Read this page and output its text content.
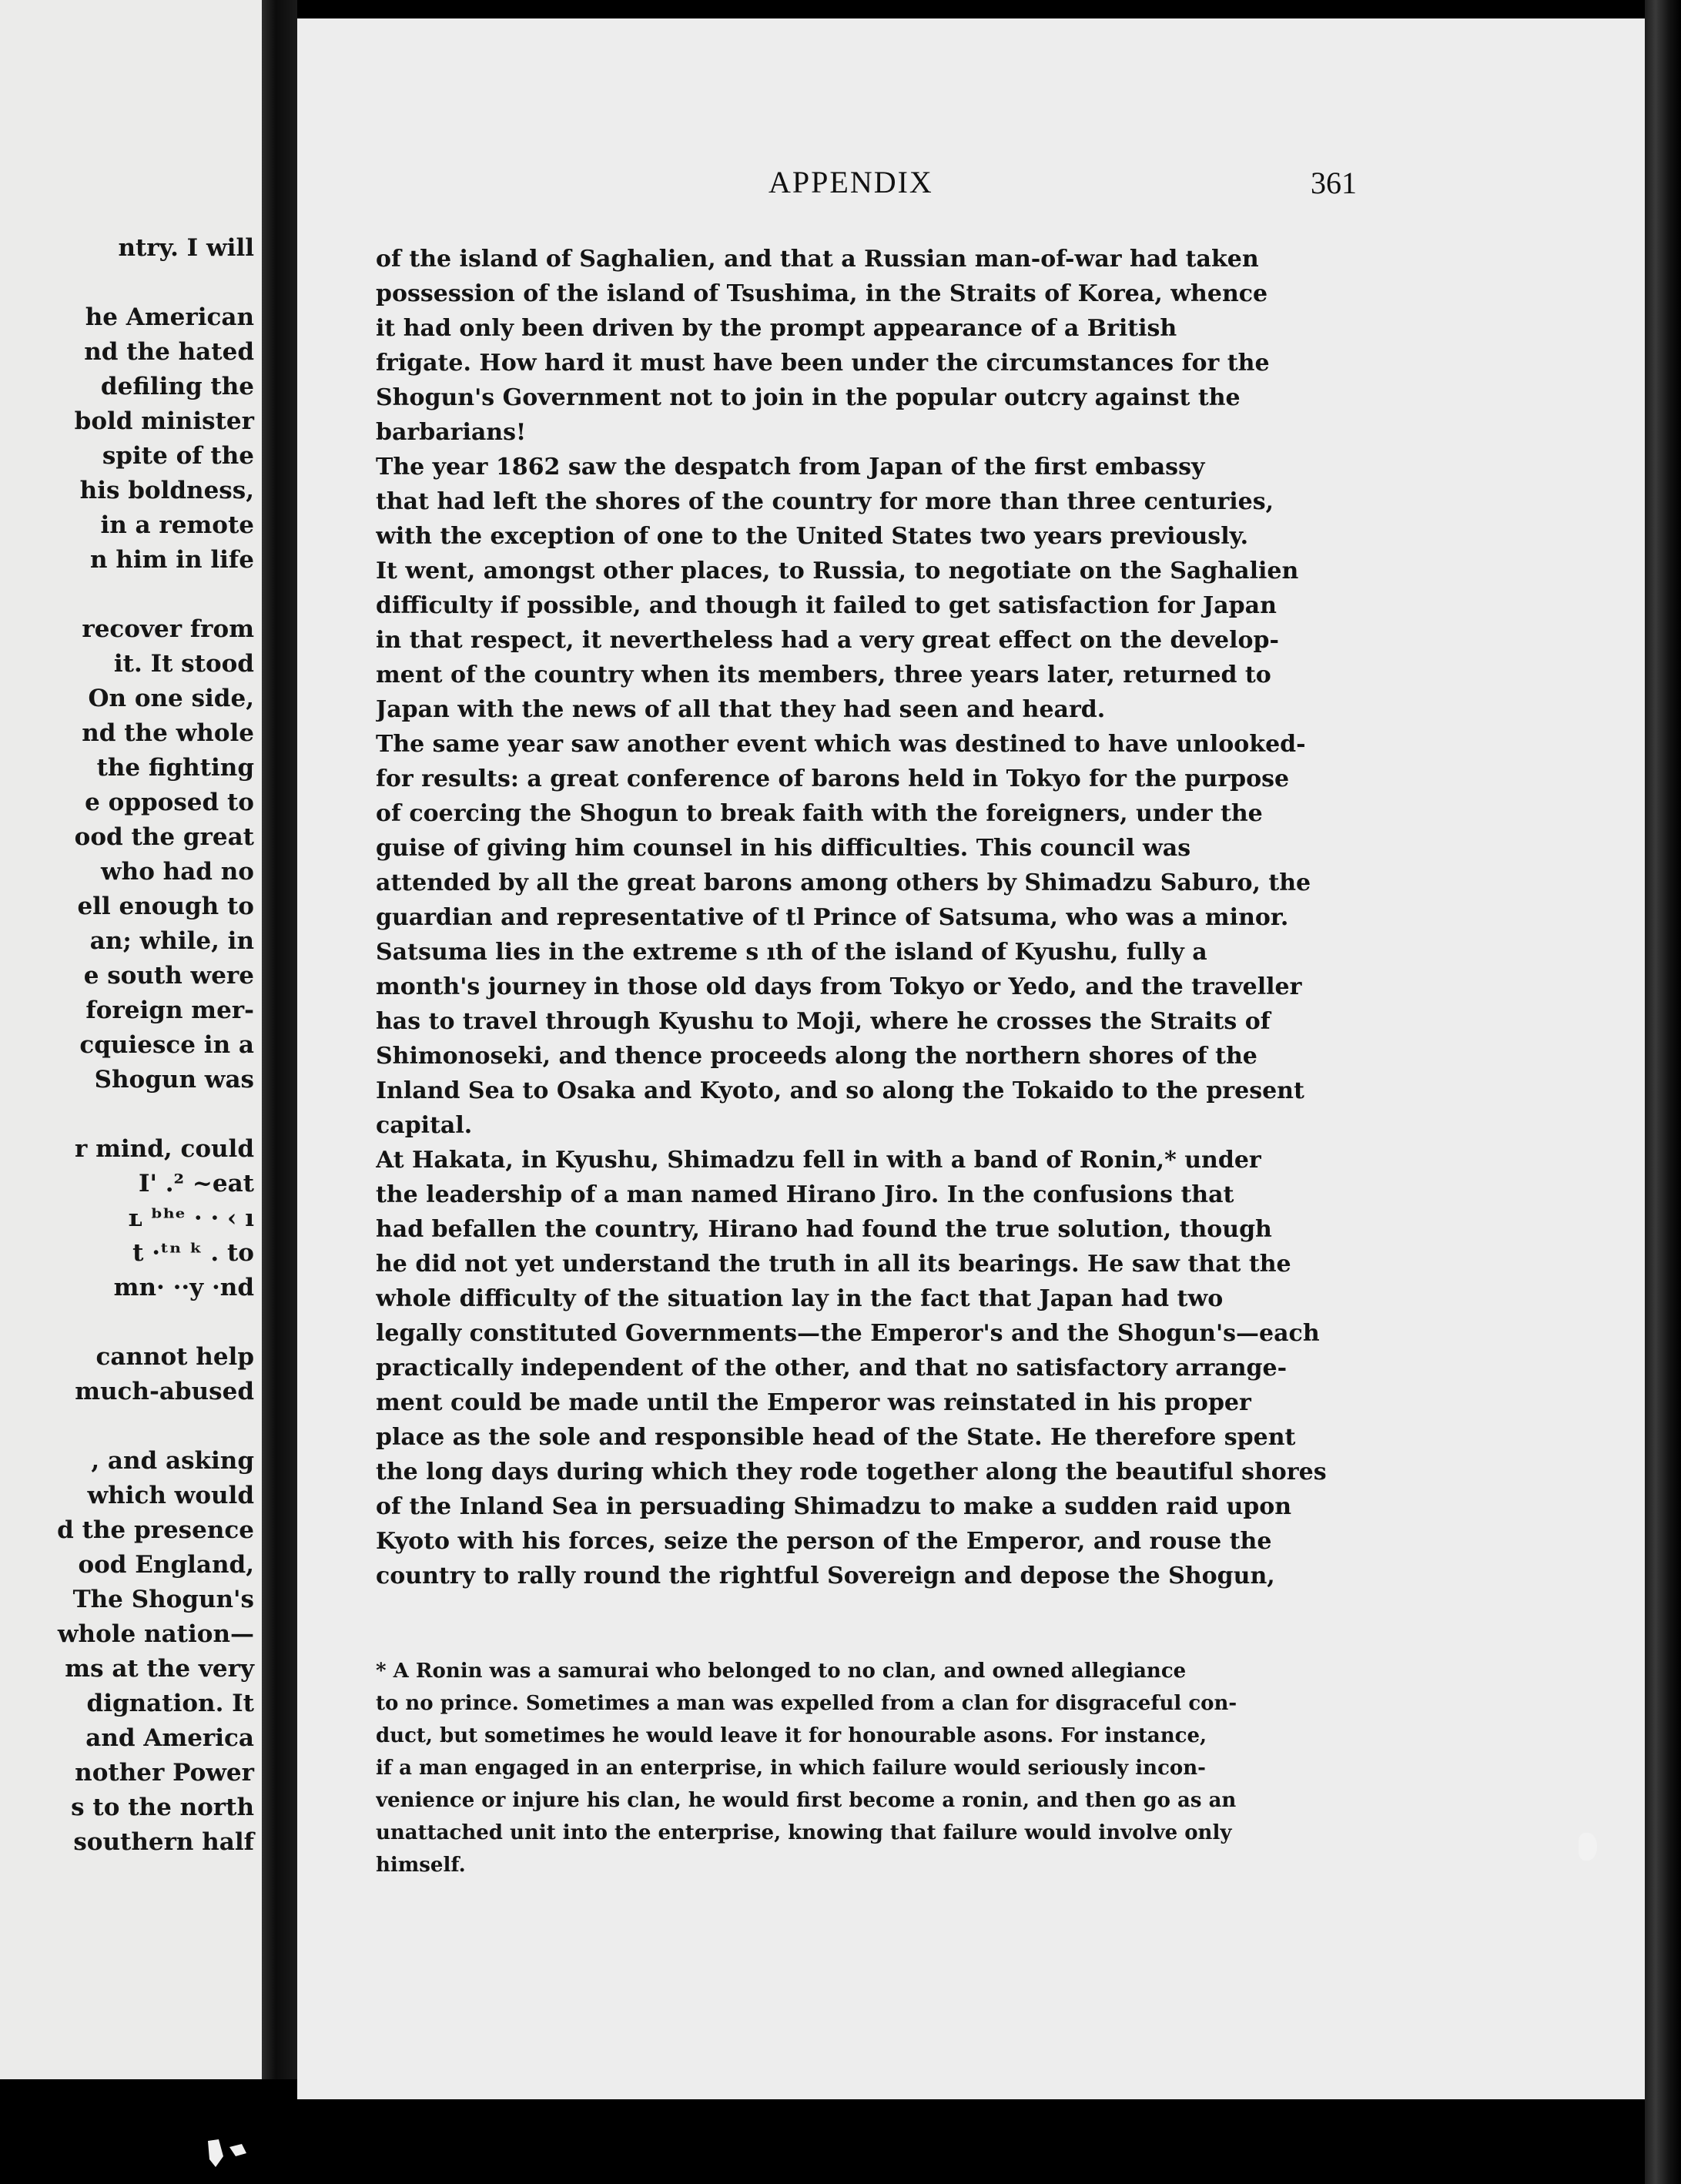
ntry. I will
he American
nd the hated
defiling the
bold minister
spite of the
his boldness,
in a remote
n him in life
recover from
it. It stood
On one side,
nd the whole
the fighting
e opposed to
ood the great
who had no
ell enough to
an; while, in
e south were
foreign mer-
cquiesce in a
Shogun was
r mind, could
I' .² ~eat
ʟ ᵇʰᵉ · · ‹ ı
t ·ᵗⁿ ᵏ . to
mn· ··y ·nd
cannot help
much-abused
, and asking
which would
d the presence
ood England,
The Shogun's
whole nation—
ms at the very
dignation. It
and America
nother Power
s to the north
southern half
APPENDIX	361
of the island of Saghalien, and that a Russian man-of-war had taken
possession of the island of Tsushima, in the Straits of Korea, whence
it had only been driven by the prompt appearance of a British
frigate. How hard it must have been under the circumstances for the
Shogun's Government not to join in the popular outcry against the
barbarians!
The year 1862 saw the despatch from Japan of the first embassy
that had left the shores of the country for more than three centuries,
with the exception of one to the United States two years previously.
It went, amongst other places, to Russia, to negotiate on the Saghalien
difficulty if possible, and though it failed to get satisfaction for Japan
in that respect, it nevertheless had a very great effect on the develop-
ment of the country when its members, three years later, returned to
Japan with the news of all that they had seen and heard.
The same year saw another event which was destined to have unlooked-
for results: a great conference of barons held in Tokyo for the purpose
of coercing the Shogun to break faith with the foreigners, under the
guise of giving him counsel in his difficulties. This council was
attended by all the great barons among others by Shimadzu Saburo, the
guardian and representative of tl Prince of Satsuma, who was a minor.
Satsuma lies in the extreme s ıth of the island of Kyushu, fully a
month's journey in those old days from Tokyo or Yedo, and the traveller
has to travel through Kyushu to Moji, where he crosses the Straits of
Shimonoseki, and thence proceeds along the northern shores of the
Inland Sea to Osaka and Kyoto, and so along the Tokaido to the present
capital.
At Hakata, in Kyushu, Shimadzu fell in with a band of Ronin,* under
the leadership of a man named Hirano Jiro. In the confusions that
had befallen the country, Hirano had found the true solution, though
he did not yet understand the truth in all its bearings. He saw that the
whole difficulty of the situation lay in the fact that Japan had two
legally constituted Governments—the Emperor's and the Shogun's—each
practically independent of the other, and that no satisfactory arrange-
ment could be made until the Emperor was reinstated in his proper
place as the sole and responsible head of the State. He therefore spent
the long days during which they rode together along the beautiful shores
of the Inland Sea in persuading Shimadzu to make a sudden raid upon
Kyoto with his forces, seize the person of the Emperor, and rouse the
country to rally round the rightful Sovereign and depose the Shogun,
* A Ronin was a samurai who belonged to no clan, and owned allegiance
to no prince. Sometimes a man was expelled from a clan for disgraceful con-
duct, but sometimes he would leave it for honourable asons. For instance,
if a man engaged in an enterprise, in which failure would seriously incon-
venience or injure his clan, he would first become a ronin, and then go as an
unattached unit into the enterprise, knowing that failure would involve only
himself.
